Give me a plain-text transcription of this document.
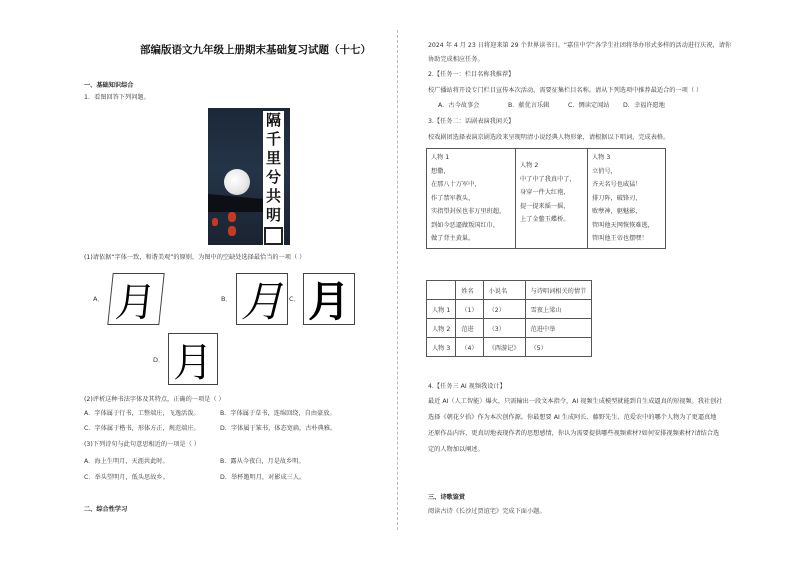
部编版语文九年级上册期末基础复习试题（十七）
一、基础知识综合
1．看图回答下列问题。
隔
千
里
兮
共
明
(1)请依据“字体一致，和谐美观”的原则，为图中的空缺处选择最恰当的一项（ ）
A． 月	B． 月 C． 月
D． 月
(2)评析这种书法字体及其特点，正确的一项是（ ）
A．字体属于行书，工整端庄，飞逸活泼。	B．字体属于草书，连绵回绕，自由豪放。
C．字体属于楷书，形体方正，规范端庄。	D．字体属于篆书，体态宽扁，古朴典雅。
(3)下列诗句与此句意思相近的一项是（ ）
A．海上生明月，天涯共此时。	B．露从今夜白，月是故乡明。
C．举头望明月，低头思故乡。	D．举杯邀明月，对影成三人。
二、综合性学习
2024 年 4 月 23 日将迎来第 29 个世界读书日。“嘉佳中学”各学生社团将举办形式多样的活动进行庆祝，请你
协助完成相应任务。
2.【任务一：栏目名称我推荐】
校广播站将开设专门栏目宣传本次活动，需要征集栏目名称。请从下列选项中推荐最适合的一项（ ）
A．古今故事会	B．献优言乐辑	C．惆读定闻站 D．幸福许愿地
3.【任务二：话剧表演我闲关】
校戏剧团选择表演京剧选段来呈现明清小说经典人物形象，请根据以下唱词，完成表格。
人物 1
想撒，
在那八十万军中，
作了禁军教头，
实指望封侯也非万里班超，
到如今恶逼做叛国红巾，
做了背主黄巢。

人物 2
中了中了我真中了，
身穿一件大红袍，
提一提来摇一摇，
上了金鳌玉蝶桥。

人物 3
立俏号，
齐天名号也威猛！
排刀阵，破锋刃，
败孽神，驱魅影，
管叫他天网恢恢难逃，
管叫他王帝也摆嘿！
	姓名	小说名	与诗唱词相关的情节
人物 1	（1）	（2）	雪夜上梁山
人物 2	范进	（3）	范进中举
人物 3	（4）	《西游记》	（5）
4.【任务三 AI 视频我设计】
最近 AI（人工智能）爆火，只需输出一段文本指令，AI 视频生成模型就能到自生成逼真的短视频。我社创社
选择《朝花夕拾》作为本次创作源。你最想要 AI 生成阿长、藤野先生、范爱农中的哪个人物为了更逼真地
还原作品内容，更真切地表现作者的思想感情，你认为需要提供哪些视频素材?如何安排视频素材?请结合选
定的人物加以阐述。
三、诗歌鉴赏
阅读古诗《长沙过贾谊宅》完成下面小题。
